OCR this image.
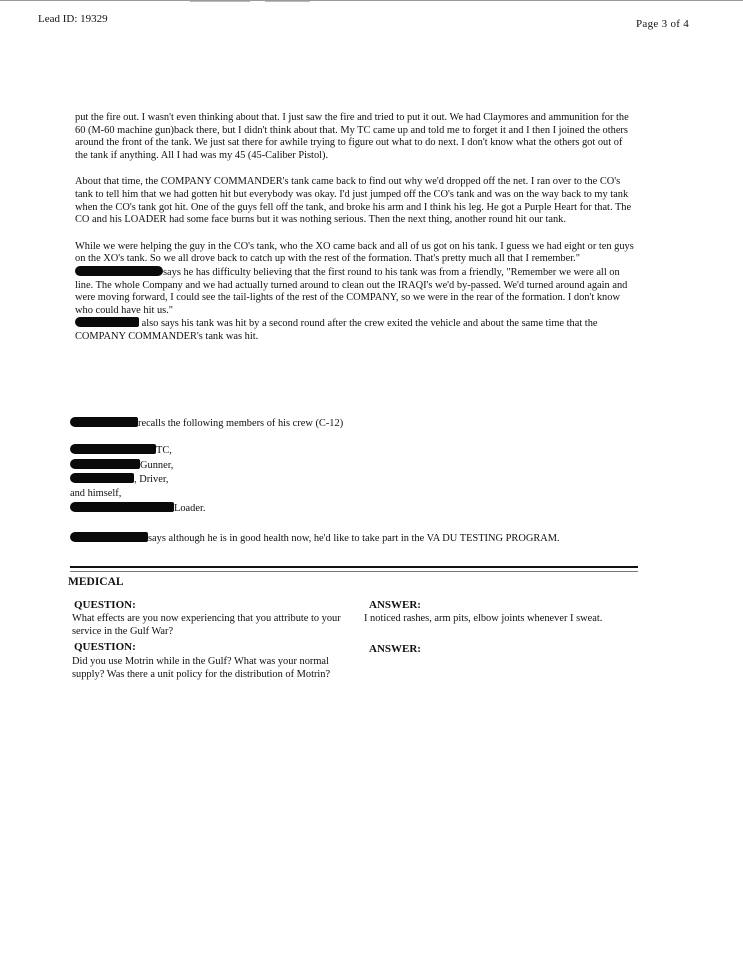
Lead ID: 19329	Page 3 of 4

put the fire out. I wasn't even thinking about that. I just saw the fire and tried to put it out. We had Claymores and ammunition for the 60 (M-60 machine gun)back there, but I didn't think about that. My TC came up and told me to forget it and I then I joined the others around the front of the tank. We just sat there for awhile trying to figure out what to do next. I don't know what the others got out of the tank if anything. All I had was my 45 (45-Caliber Pistol).

About that time, the COMPANY COMMANDER's tank came back to find out why we'd dropped off the net. I ran over to the CO's tank to tell him that we had gotten hit but everybody was okay. I'd just jumped off the CO's tank and was on the way back to my tank when the CO's tank got hit. One of the guys fell off the tank, and broke his arm and I think his leg. He got a Purple Heart for that. The CO and his LOADER had some face burns but it was nothing serious. Then the next thing, another round hit our tank.

While we were helping the guy in the CO's tank, who the XO came back and all of us got on his tank. I guess we had eight or ten guys on the XO's tank. So we all drove back to catch up with the rest of the formation. That's pretty much all that I remember." says he has difficulty believing that the first round to his tank was from a friendly, "Remember we were all on line. The whole Company and we had actually turned around to clean out the IRAQI's we'd by-passed. We'd turned around again and were moving forward, I could see the tail-lights of the rest of the COMPANY, so we were in the rear of the formation. I don't know who could have hit us."
also says his tank was hit by a second round after the crew exited the vehicle and about the same time that the COMPANY COMMANDER's tank was hit.

recalls the following members of his crew (C-12)
TC,
Gunner,
, Driver,
and himself,
Loader.
says although he is in good health now, he'd like to take part in the VA DU TESTING PROGRAM.
MEDICAL
QUESTION:	ANSWER:
What effects are you now experiencing that you attribute to your service in the Gulf War?
I noticed rashes, arm pits, elbow joints whenever I sweat.
QUESTION:	ANSWER:
Did you use Motrin while in the Gulf? What was your normal supply? Was there a unit policy for the distribution of Motrin?
